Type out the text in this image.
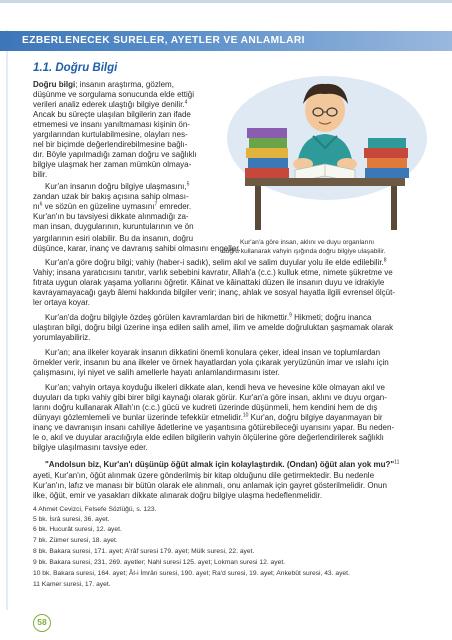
EZBERLENECEK SURELER, AYETLER VE ANLAMLARI
1.1. Doğru Bilgi
Doğru bilgi; insanın araştırma, gözlem,
düşünme ve sorgulama sonucunda elde ettiği
verileri analiz ederek ulaştığı bilgiye denilir.$^4$
Ancak bu süreçte ulaşılan bilgilerin zan ifade
etmemesi ve insanı yanıltmaması kişinin ön-
yargılarından kurtulabilmesine, olayları nes-
nel bir biçimde değerlendirebilmesine bağlı-
dır. Böyle yapılmadığı zaman doğru ve sağlıklı
bilgiye ulaşmak her zaman mümkün olmaya-
bilir.
Kur'an insanın doğru bilgiye ulaşmasını,$^5$
zandan uzak bir bakış açısına sahip olması-
$nı^6$ ve sözün en güzeline uymasını$^7$ emreder.
Kur'an'ın bu tavsiyesi dikkate alınmadığı za-
man insan, duygularının, kuruntularının ve ön
yargılarının esiri olabilir. Bu da insanın, doğru
düşünce, karar, inanç ve davranış sahibi olmasını engeller.
Kur'an'a göre insan, aklını ve duyu organlarını
doğru kullanarak vahyin ışığında doğru bilgiye ulaşabilir.
Kur'an'a göre doğru bilgi; vahiy (haber-i sadık), selim akıl ve salim duyular yolu ile elde edilebilir.$^8$
Vahiy; insana yaratıcısını tanıtır, varlık sebebini kavratır, Allah'a (c.c.) kulluk etme, nimete şükretme ve
fıtrata uygun olarak yaşama yollarını öğretir. Kâinat ve kâinattaki düzen ile insanın duyu ve idrakiyle
kavrayamayacağı gayb âlemi hakkında bilgiler verir; inanç, ahlak ve sosyal hayatla ilgili evrensel ölçüt-
ler ortaya koyar.
Kur'an'da doğru bilgiyle özdeş görülen kavramlardan biri de hikmettir.$^9$ Hikmeti; doğru inanca
ulaştıran bilgi, doğru bilgi üzerine inşa edilen salih amel, ilim ve amelde doğruluktan şaşmamak olarak
yorumlayabiliriz.
Kur'an; ana ilkeler koyarak insanın dikkatini önemli konulara çeker, ideal insan ve toplumlardan
örnekler verir, insanın bu ana ilkeler ve örnek hayatlardan yola çıkarak yeryüzünün imar ve ıslahı için
çalışmasını, iyi niyet ve salih amellerle hayatı anlamlandırmasını ister.
Kur'an; vahyin ortaya koyduğu ilkeleri dikkate alan, kendi heva ve hevesine köle olmayan akıl ve
duyuları da tıpkı vahiy gibi birer bilgi kaynağı olarak görür. Kur'an'a göre insan, aklını ve duyu organ-
larını doğru kullanarak Allah'ın (c.c.) gücü ve kudreti üzerinde düşünmeli, hem kendini hem de dış
dünyayı gözlemlemeli ve bunlar üzerinde tefekkür etmelidir.$^{10}$ Kur'an, doğru bilgiye dayanmayan bir
inanç ve davranışın insanı cahiliye âdetlerine ve yaşantısına götürebileceği uyarısını yapar. Bu neden-
le o, akıl ve duyular aracılığıyla elde edilen bilgilerin vahyin ölçülerine göre değerlendirilerek sağlıklı
bilgiye ulaşılmasını tavsiye eder.
"Andolsun biz, Kur'an'ı düşünüp öğüt almak için kolaylaştırdık. (Ondan) öğüt alan yok mu?"$^{11}$
ayeti, Kur'an'ın, öğüt alınmak üzere gönderilmiş bir kitap olduğunu dile getirmektedir. Bu nedenle
Kur'an'ın, lafız ve manası bir bütün olarak ele alınmalı, onu anlamak için gayret gösterilmelidir. Onun
ilke, öğüt, emir ve yasakları dikkate alınarak doğru bilgiye ulaşma hedeflenmelidir.
4 Ahmet Cevizci, Felsefe Sözlüğü, s. 123.
5 bk. İsrâ suresi, 36. ayet.
6 bk. Hucurât suresi, 12. ayet.
7 bk. Zümer suresi, 18. ayet.
8 bk. Bakara suresi, 171. ayet; A'râf suresi 179. ayet; Mülk suresi, 22. ayet.
9 bk. Bakara suresi, 231, 269. ayetler; Nahl suresi 125. ayet; Lokman suresi 12. ayet.
10 bk. Bakara suresi, 164. ayet; Âl-i İmrân suresi, 190. ayet; Ra'd suresi, 19. ayet; Ankebût suresi, 43. ayet.
11 Kamer suresi, 17. ayet.
58
